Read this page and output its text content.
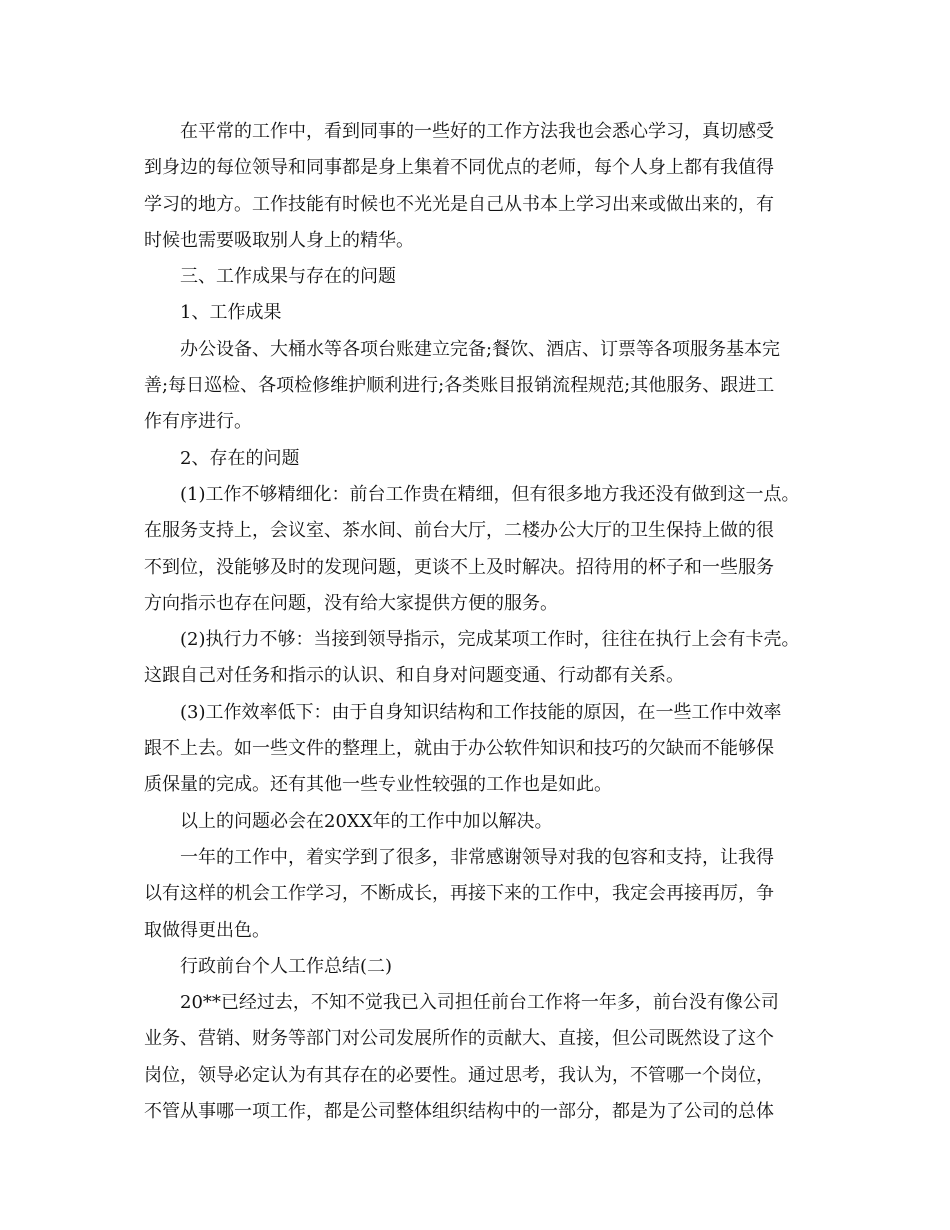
在平常的工作中，看到同事的一些好的工作方法我也会悉心学习，真切感受
到身边的每位领导和同事都是身上集着不同优点的老师，每个人身上都有我值得
学习的地方。工作技能有时候也不光光是自己从书本上学习出来或做出来的，有
时候也需要吸取别人身上的精华。
三、工作成果与存在的问题
1、工作成果
办公设备、大桶水等各项台账建立完备;餐饮、酒店、订票等各项服务基本完
善;每日巡检、各项检修维护顺利进行;各类账目报销流程规范;其他服务、跟进工
作有序进行。
2、存在的问题
(1)工作不够精细化：前台工作贵在精细，但有很多地方我还没有做到这一点。
在服务支持上，会议室、茶水间、前台大厅，二楼办公大厅的卫生保持上做的很
不到位，没能够及时的发现问题，更谈不上及时解决。招待用的杯子和一些服务
方向指示也存在问题，没有给大家提供方便的服务。
(2)执行力不够：当接到领导指示，完成某项工作时，往往在执行上会有卡壳。
这跟自己对任务和指示的认识、和自身对问题变通、行动都有关系。
(3)工作效率低下：由于自身知识结构和工作技能的原因，在一些工作中效率
跟不上去。如一些文件的整理上，就由于办公软件知识和技巧的欠缺而不能够保
质保量的完成。还有其他一些专业性较强的工作也是如此。
以上的问题必会在20XX年的工作中加以解决。
一年的工作中，着实学到了很多，非常感谢领导对我的包容和支持，让我得
以有这样的机会工作学习，不断成长，再接下来的工作中，我定会再接再厉，争
取做得更出色。
行政前台个人工作总结(二)
20**已经过去，不知不觉我已入司担任前台工作将一年多，前台没有像公司
业务、营销、财务等部门对公司发展所作的贡献大、直接，但公司既然设了这个
岗位，领导必定认为有其存在的必要性。通过思考，我认为，不管哪一个岗位，
不管从事哪一项工作，都是公司整体组织结构中的一部分，都是为了公司的总体
